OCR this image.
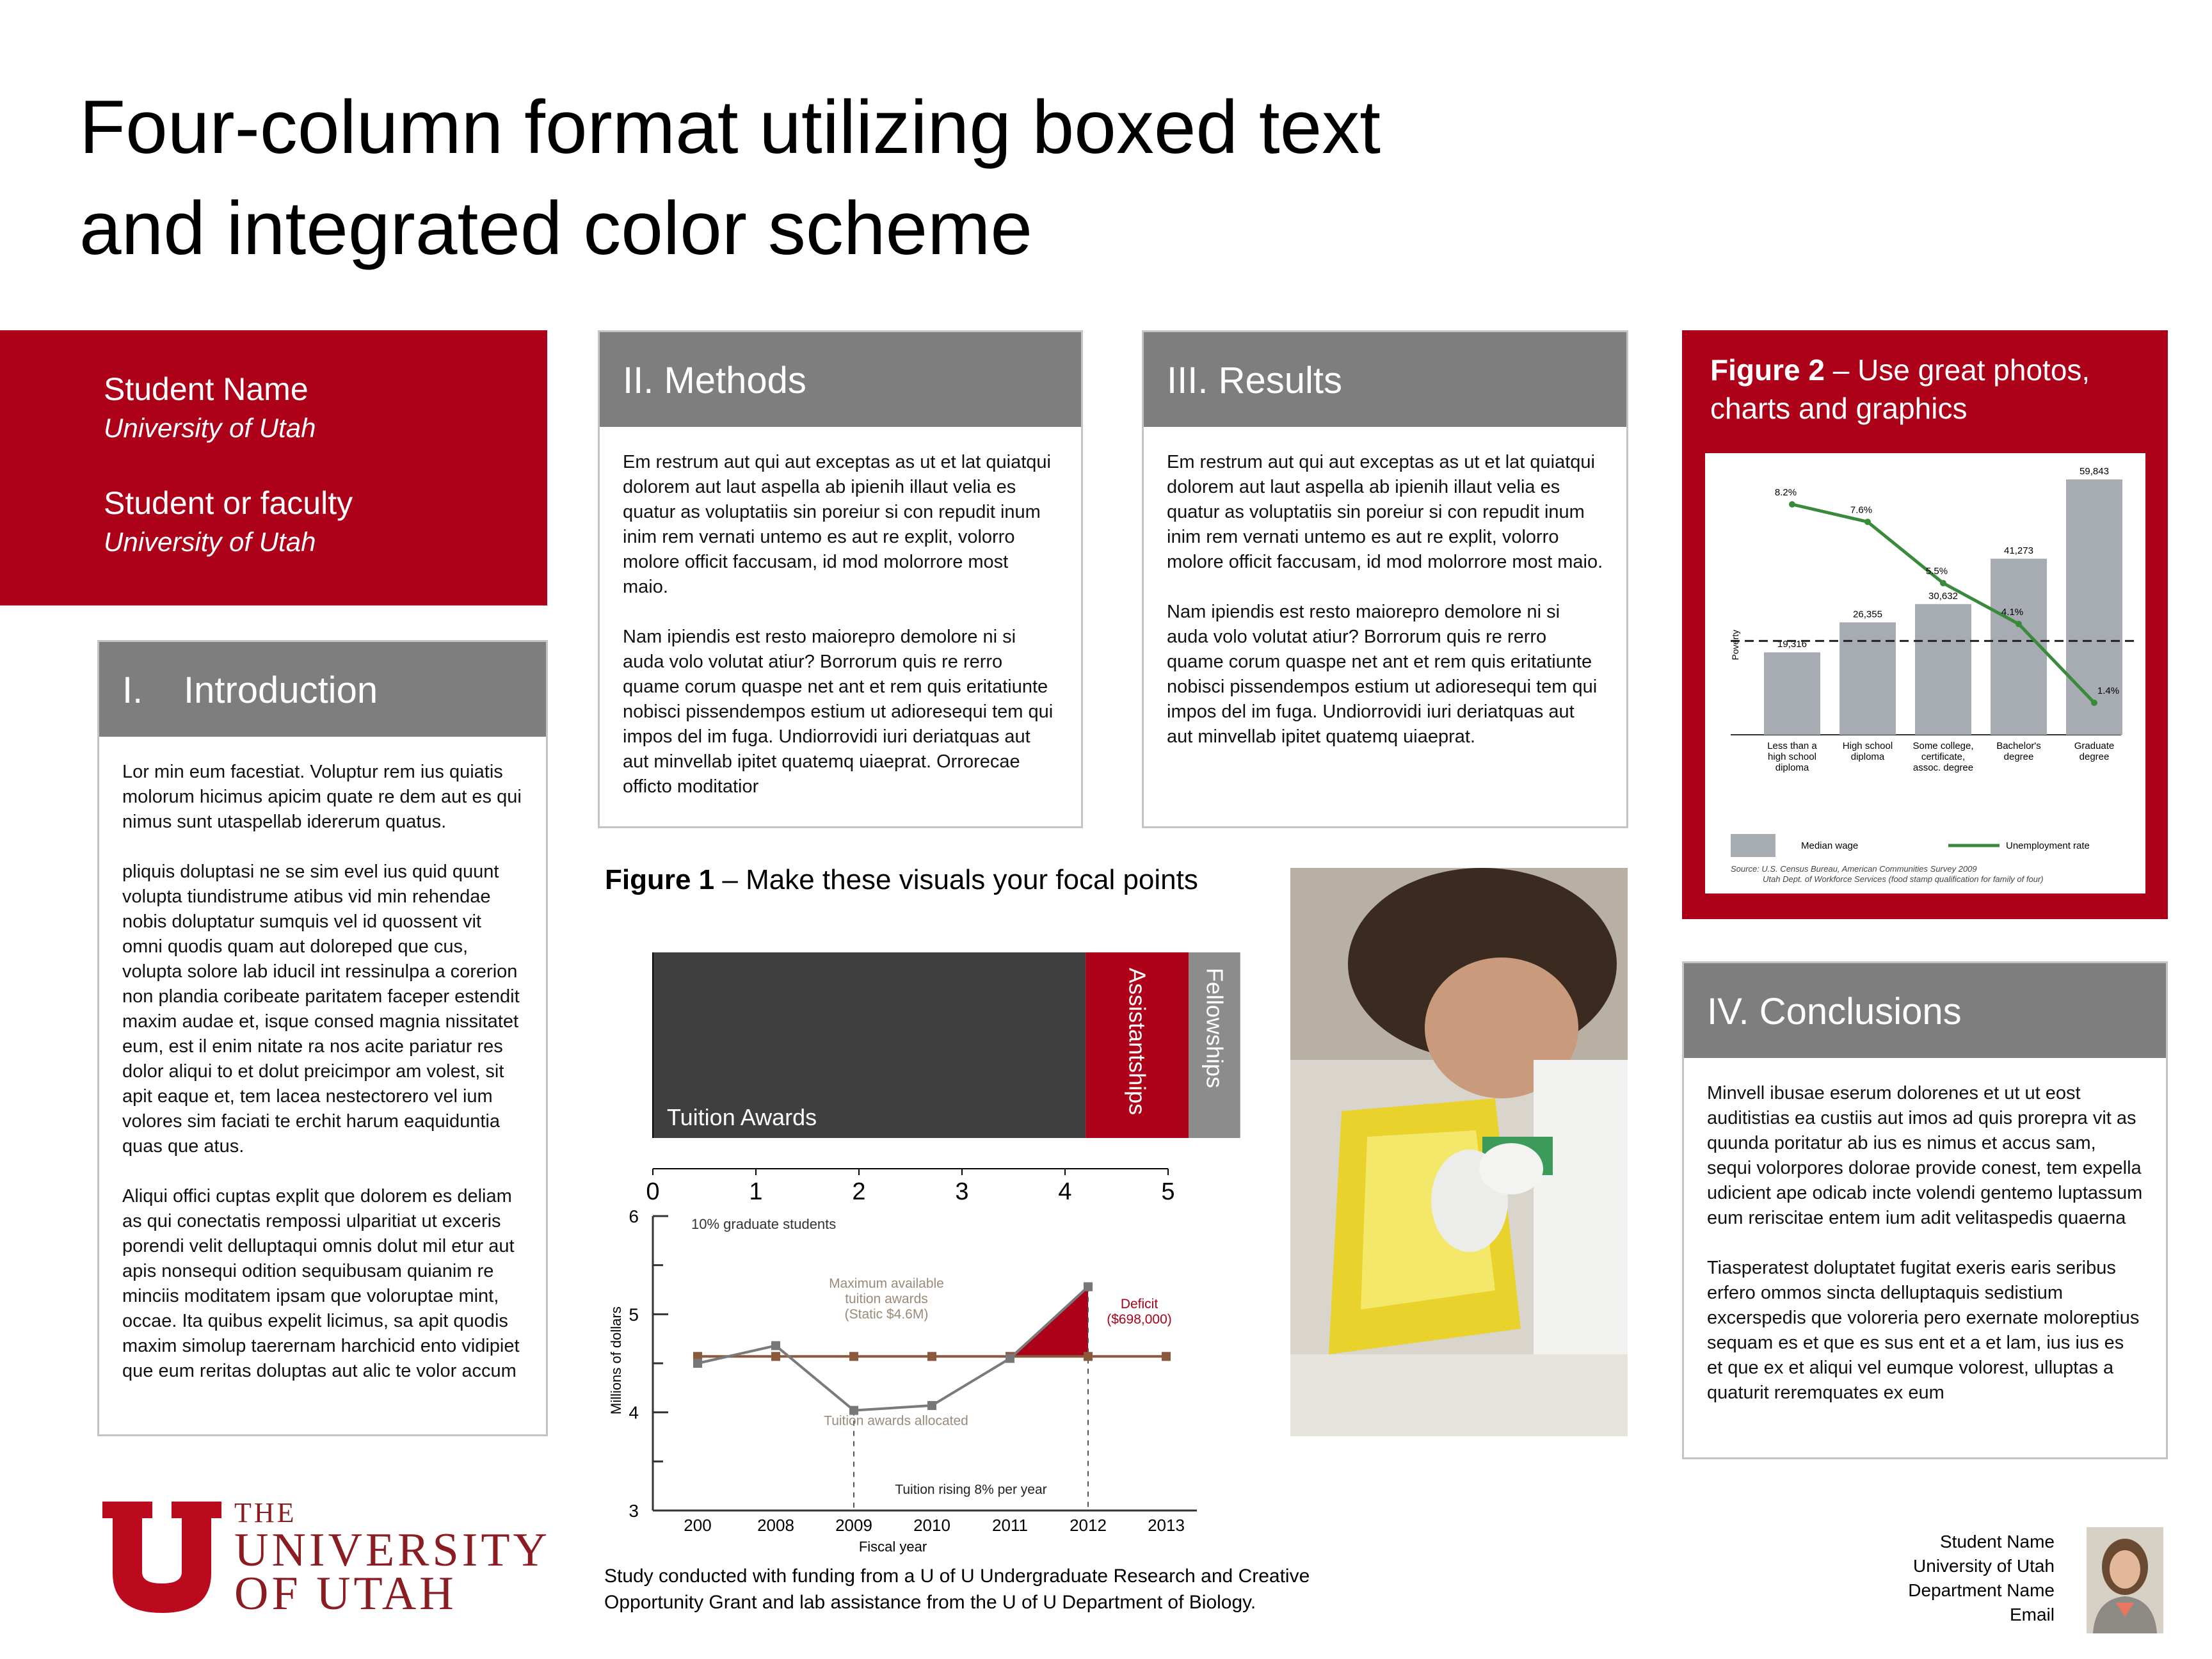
Four-column format utilizing boxed text
and integrated color scheme
Student Name
University of Utah
Student or faculty
University of Utah
I. Introduction

Lor min eum facestiat. Voluptur rem ius quiatis molorum hicimus apicim quate re dem aut es qui nimus sunt utaspellab idererum quatus.

pliquis doluptasi ne se sim evel ius quid quunt volupta tiundistrume atibus vid min rehendae nobis doluptatur sumquis vel id quossent vit omni quodis quam aut doloreped que cus, volupta solore lab iducil int ressinulpa a corerion non plandia coribeate paritatem faceper estendit maxim audae et, isque consed magnia nissitatet eum, est il enim nitate ra nos acite pariatur res dolor aliqui to et dolut preicimpor am volest, sit apit eaque et, tem lacea nestectorero vel ium volores sim faciati te erchit harum eaquiduntia quas que atus.

Aliqui offici cuptas explit que dolorem es deliam as qui conectatis rempossi ulparitiat ut exceris porendi velit delluptaqui omnis dolut mil etur aut apis nonsequi odition sequibusam quianim re minciis moditatem ipsam que voloruptae mint, occae. Ita quibus expelit licimus, sa apit quodis maxim simolup taerernam harchicid ento vidipiet que eum reritas doluptas aut alic te volor accum

II. Methods

Em restrum aut qui aut exceptas as ut et lat quiatqui dolorem aut laut aspella ab ipienih illaut velia es quatur as voluptatiis sin poreiur si con repudit inum inim rem vernati untemo es aut re explit, volorro molore officit faccusam, id mod molorrore most maio.

Nam ipiendis est resto maiorepro demolore ni si auda volo volutat atiur? Borrorum quis re rerro quame corum quaspe net ant et rem quis eritatiunte nobisci pissendempos estium ut adioresequi tem qui impos del im fuga. Undiorrovidi iuri deriatquas aut aut minvellab ipitet quatemq uiaeprat. Orrorecae officto moditatior

III. Results

Em restrum aut qui aut exceptas as ut et lat quiatqui dolorem aut laut aspella ab ipienih illaut velia es quatur as voluptatiis sin poreiur si con repudit inum inim rem vernati untemo es aut re explit, volorro molore officit faccusam, id mod molorrore most maio.

Nam ipiendis est resto maiorepro demolore ni si auda volo volutat atiur? Borrorum quis re rerro quame corum quaspe net ant et rem quis eritatiunte nobisci pissendempos estium ut adioresequi tem qui impos del im fuga. Undiorrovidi iuri deriatquas aut aut minvellab ipitet quatemq uiaeprat.

Figure 2 – Use great photos, charts and graphics
19,316
Less than a
high school
diploma
26,355
High school
diploma
30,632
Some college,
certificate,
assoc. degree
41,273
Bachelor's
degree
59,843
Graduate
degree
Poverty
8.2%
7.6%
5.5%
4.1%
1.4%
Median wage	Unemployment rate
Source: U.S. Census Bureau, American Communities Survey 2009
Utah Dept. of Workforce Services (food stamp qualification for family of four)
IV. Conclusions

Minvell ibusae eserum dolorenes et ut ut eost auditistias ea custiis aut imos ad quis prorepra vit as quunda poritatur ab ius es nimus et accus sam, sequi volorpores dolorae provide conest, tem expella udicient ape odicab incte volendi gentemo luptassum eum reriscitae entem ium adit velitaspedis quaerna

Tiasperatest doluptatet fugitat exeris earis seribus erfero ommos sincta delluptaquis sedistium excerspedis que voloreria pero exernate moloreptius sequam es et que es sus ent et a et lam, ius ius es et que ex et aliqui vel eumque volorest, ulluptas a quaturit reremquates ex eum

Figure 1 – Make these visuals your focal points
Tuition Awards
Assistantships Fellowships
0	1	2	3	4	5
3
4
5
6
Millions of dollars
200	2008 2009 2010	2011	2012 2013
Fiscal year
10% graduate students
Maximum available
tuition awards
(Static $4.6M)
Tuition awards allocated
Deficit
($698,000)
Tuition rising 8% per year
THE
UNIVERSITY
OF UTAH	Study conducted with funding from a U of U Undergraduate Research and Creative Opportunity Grant and lab assistance from the U of U Department of Biology.
Student Name
University of Utah
Department Name
Email
